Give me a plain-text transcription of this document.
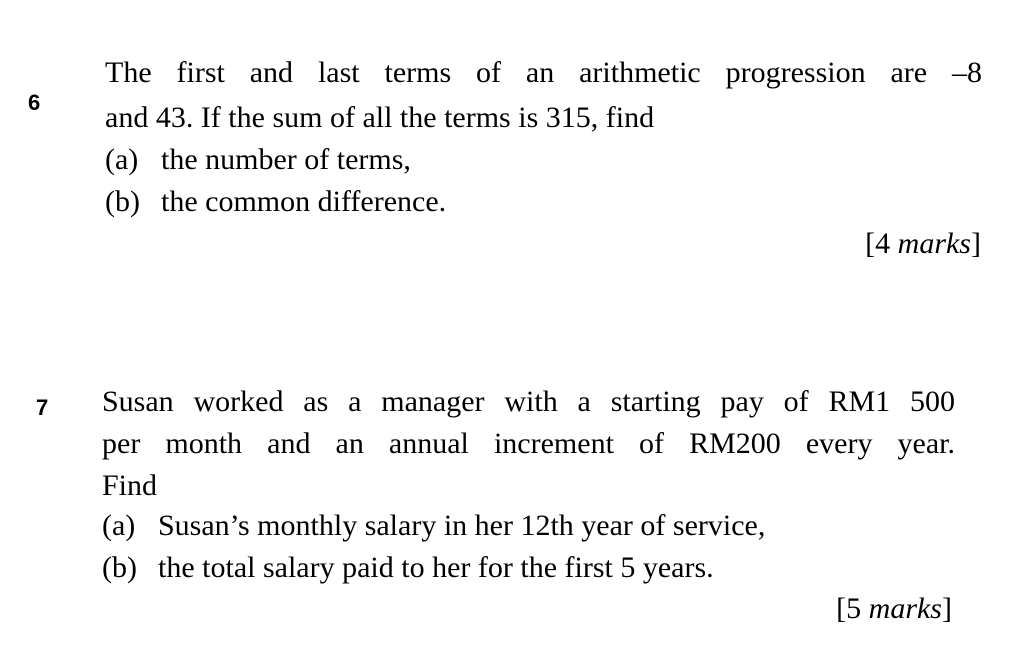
6
The first and last terms of an arithmetic progression are –8
and 43. If the sum of all the terms is 315, find
(a) the number of terms,
(b) the common difference.
[4 marks]
7 Susan worked as a manager with a starting pay of RM1 500
per month and an annual increment of RM200 every year.
Find
(a) Susan’s monthly salary in her 12th year of service,
(b) the total salary paid to her for the first 5 years.
[5 marks]
